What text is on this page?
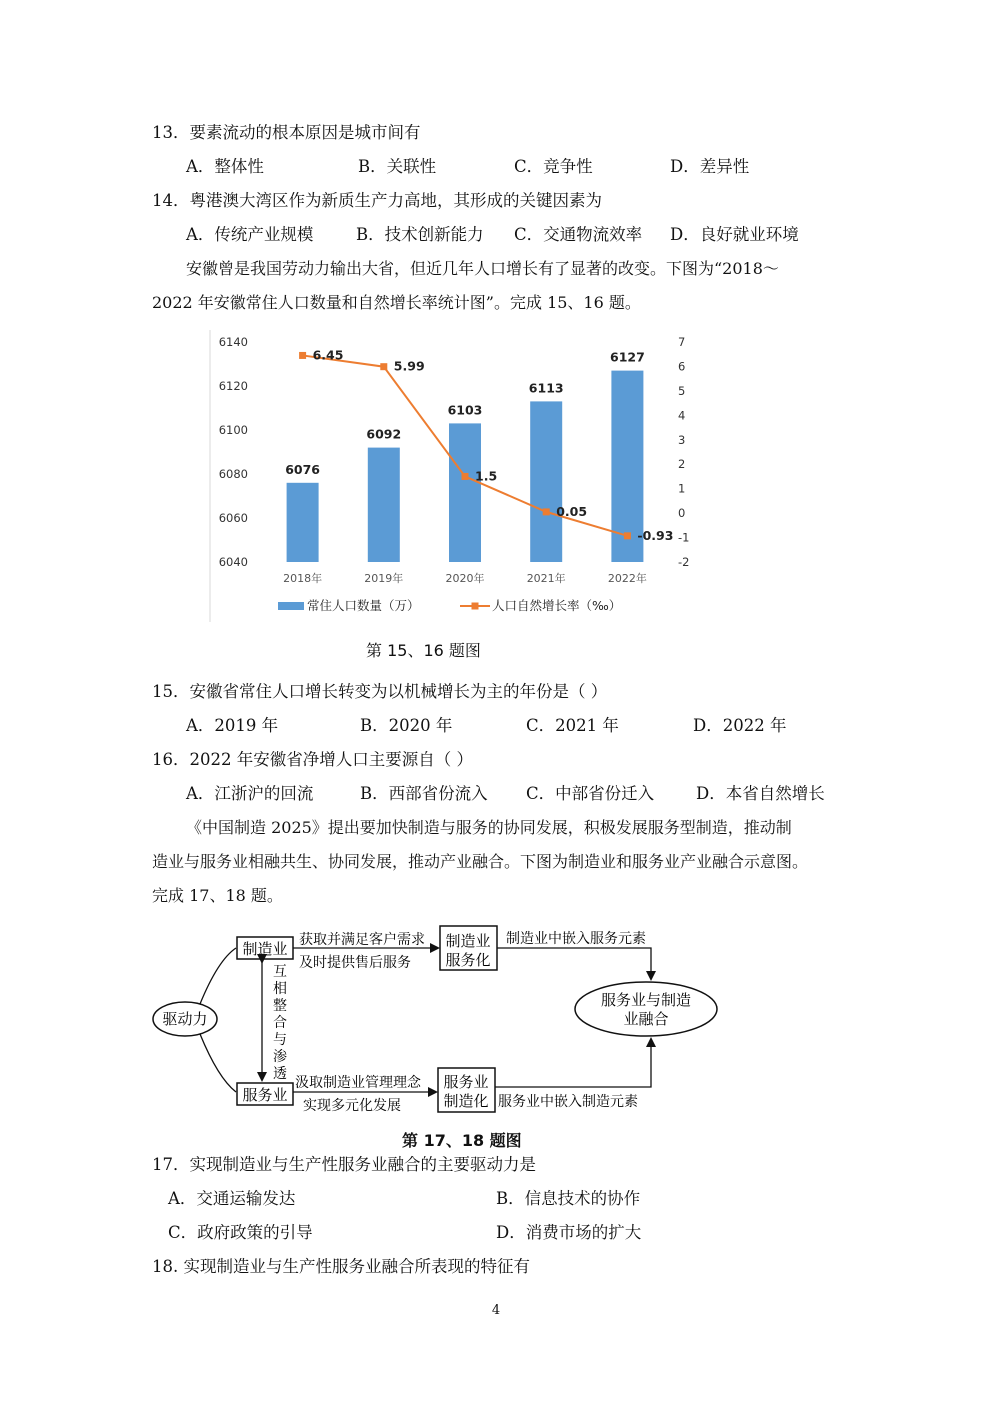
13．要素流动的根本原因是城市间有
A．整体性	B．关联性	C．竞争性	D．差异性
14．粤港澳大湾区作为新质生产力高地，其形成的关键因素为
A．传统产业规模	B．技术创新能力 C．交通物流效率 D．良好就业环境
安徽曾是我国劳动力输出大省，但近几年人口增长有了显著的改变。下图为“2018～
2022 年安徽常住人口数量和自然增长率统计图”。完成 15、16 题。
6140
6120
6100
6080
6060
6040
7
6
5
4
3
2
1
0
-1
-2
6076
6092
6103
6113
6127
6.45
5.99
1.5
0.05
-0.93
2018年	2019年	2020年	2021年	2022年
常住人口数量（万）	人口自然增长率（‰）
第 15、16 题图
15．安徽省常住人口增长转变为以机械增长为主的年份是（ ）
A．2019 年	B．2020 年	C．2021 年	D．2022 年
16．2022 年安徽省净增人口主要源自（ ）
A．江浙沪的回流	B．西部省份流入 C．中部省份迁入	D．本省自然增长
《中国制造 2025》提出要加快制造与服务的协同发展，积极发展服务型制造，推动制
造业与服务业相融共生、协同发展，推动产业融合。下图为制造业和服务业产业融合示意图。
完成 17、18 题。
驱动力
制造业
服务业
互
相
整
合
与
渗
透
获取并满足客户需求
及时提供售后服务
制造业
服务化
制造业中嵌入服务元素
服务业与制造
业融合
汲取制造业管理理念
实现多元化发展
服务业
制造化 服务业中嵌入制造元素
第 17、18 题图
17．实现制造业与生产性服务业融合的主要驱动力是
A．交通运输发达	B．信息技术的协作
C．政府政策的引导	D．消费市场的扩大
18. 实现制造业与生产性服务业融合所表现的特征有
4
